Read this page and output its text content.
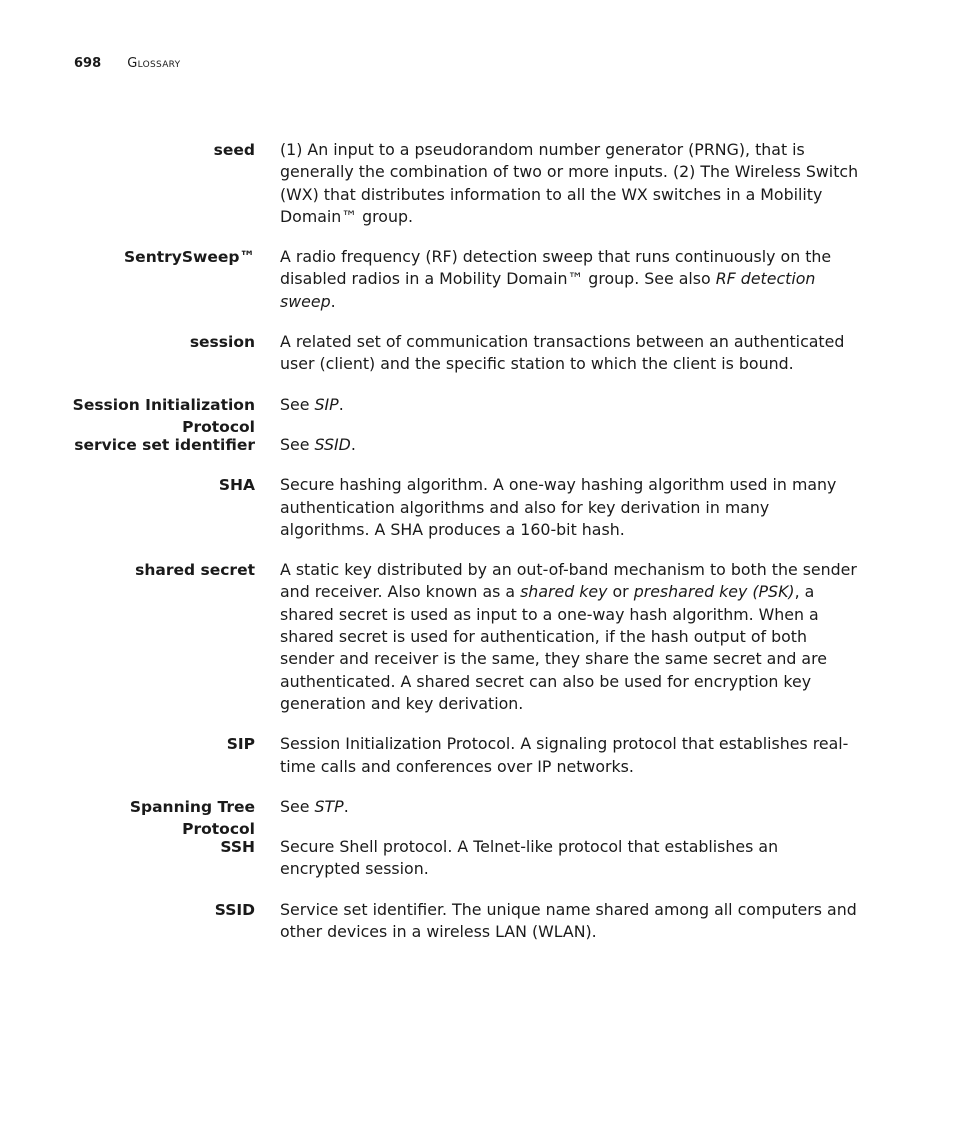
698 Glossary
seed (1) An input to a pseudorandom number generator (PRNG), that is generally the combination of two or more inputs. (2) The Wireless Switch (WX) that distributes information to all the WX switches in a Mobility Domain™ group.
SentrySweep™ A radio frequency (RF) detection sweep that runs continuously on the disabled radios in a Mobility Domain™ group. See also RF detection sweep.
session A related set of communication transactions between an authenticated user (client) and the specific station to which the client is bound.
Session Initialization Protocol
See SIP.
service set identifier See SSID.
SHA Secure hashing algorithm. A one-way hashing algorithm used in many authentication algorithms and also for key derivation in many algorithms. A SHA produces a 160-bit hash.
shared secret A static key distributed by an out-of-band mechanism to both the sender and receiver. Also known as a shared key or preshared key (PSK), a shared secret is used as input to a one-way hash algorithm. When a shared secret is used for authentication, if the hash output of both sender and receiver is the same, they share the same secret and are authenticated. A shared secret can also be used for encryption key generation and key derivation.
SIP Session Initialization Protocol. A signaling protocol that establishes real-time calls and conferences over IP networks.
Spanning Tree Protocol
See STP.
SSH Secure Shell protocol. A Telnet-like protocol that establishes an encrypted session.
SSID Service set identifier. The unique name shared among all computers and other devices in a wireless LAN (WLAN).
